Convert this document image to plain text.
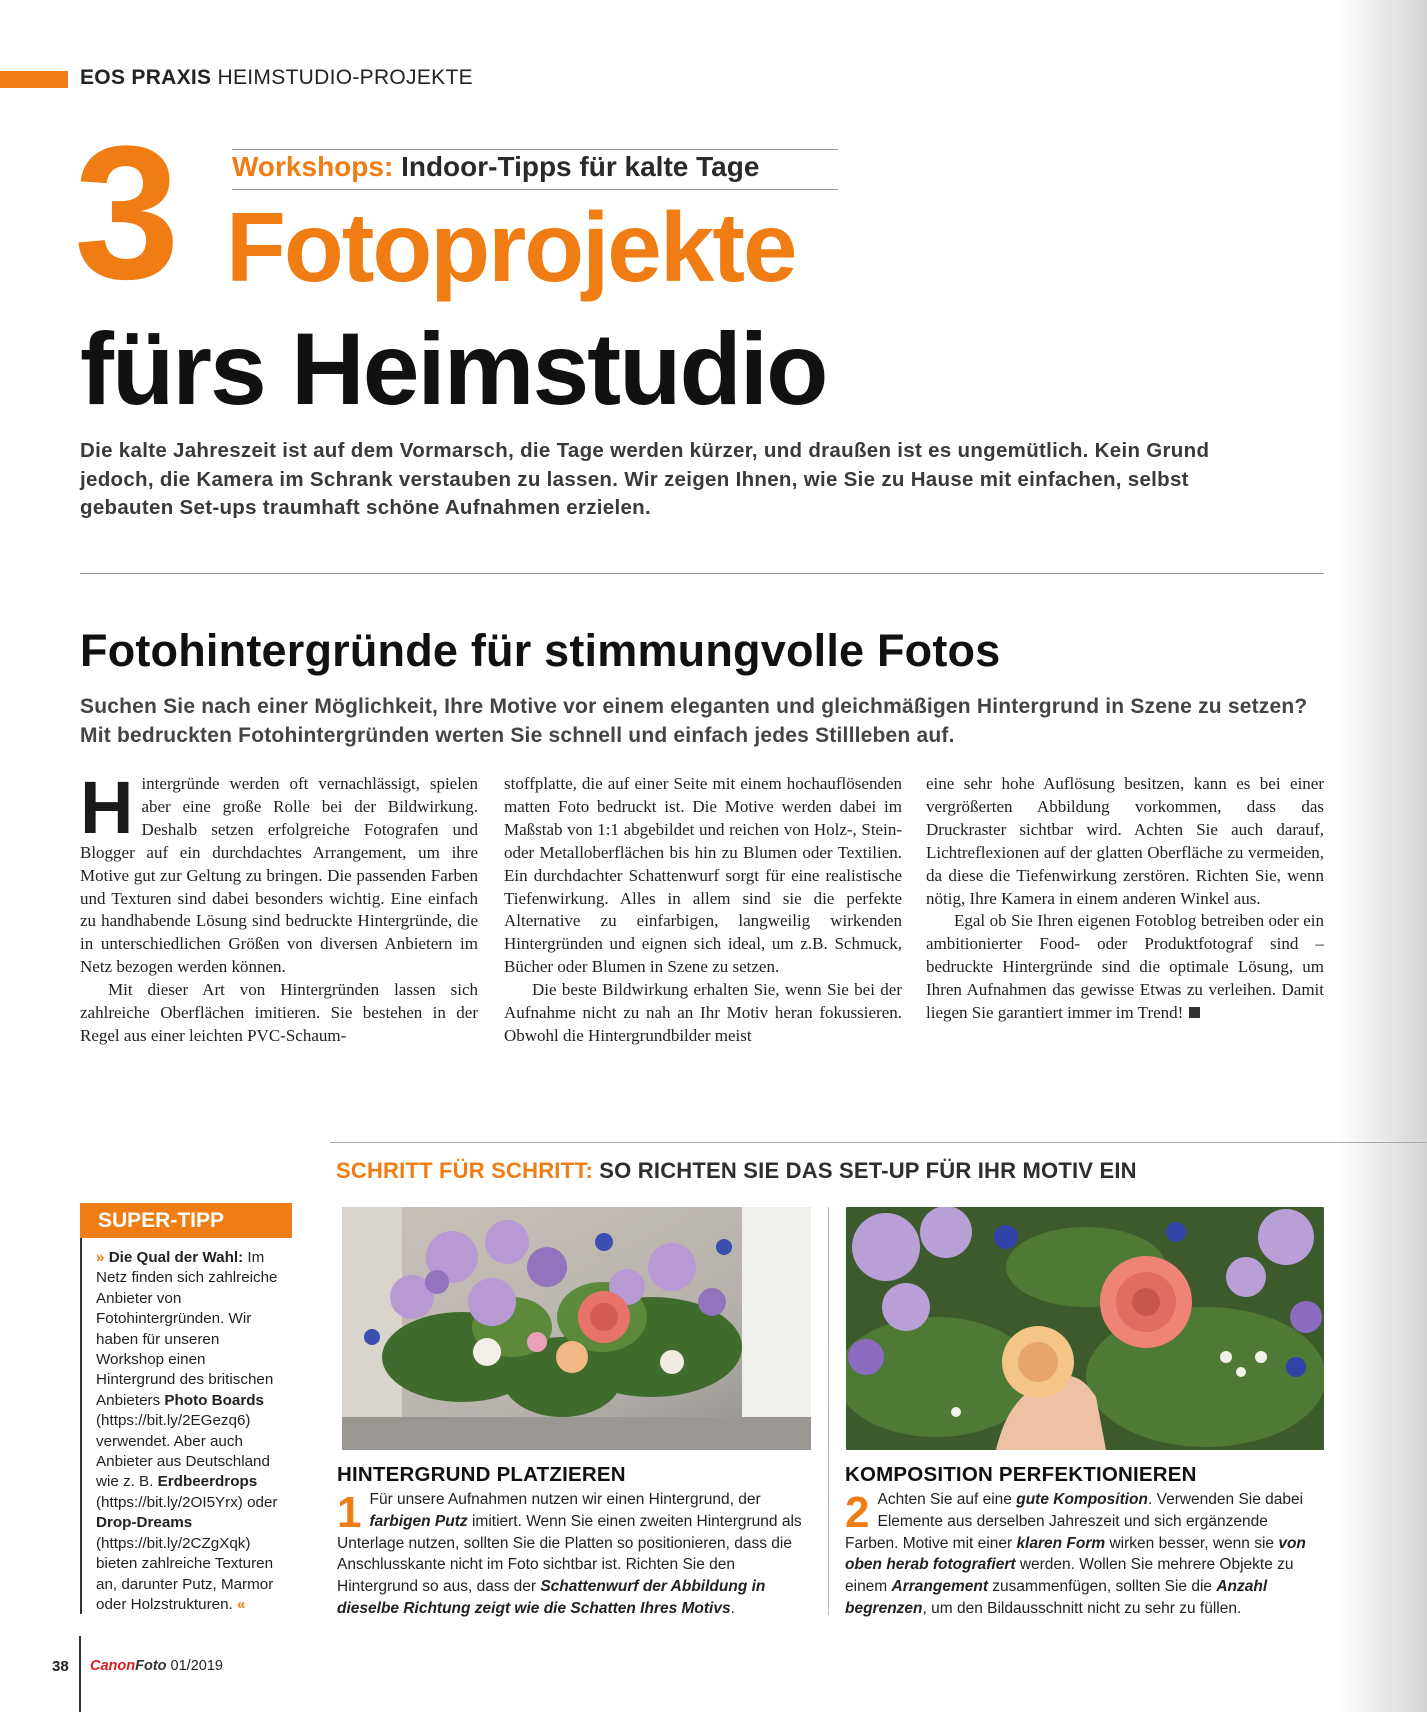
EOS PRAXIS HEIMSTUDIO-PROJEKTE
3 Workshops: Indoor-Tipps für kalte Tage
Fotoprojekte
fürs Heimstudio
Die kalte Jahreszeit ist auf dem Vormarsch, die Tage werden kürzer, und draußen ist es ungemütlich. Kein Grund jedoch, die Kamera im Schrank verstauben zu lassen. Wir zeigen Ihnen, wie Sie zu Hause mit einfachen, selbst gebauten Set-ups traumhaft schöne Aufnahmen erzielen.
Fotohintergründe für stimmungvolle Fotos
Suchen Sie nach einer Möglichkeit, Ihre Motive vor einem eleganten und gleichmäßigen Hintergrund in Szene zu setzen? Mit bedruckten Fotohintergründen werten Sie schnell und einfach jedes Stillleben auf.

Hintergründe werden oft vernachlässigt, spielen aber eine große Rolle bei der Bildwirkung. Deshalb setzen erfolgreiche Fotografen und Blogger auf ein durchdachtes Arrangement, um ihre Motive gut zur Geltung zu bringen. Die passenden Farben und Texturen sind dabei besonders wichtig. Eine einfach zu handhabende Lösung sind bedruckte Hintergründe, die in unterschiedlichen Größen von diversen Anbietern im Netz bezogen werden können.

Mit dieser Art von Hintergründen lassen sich zahlreiche Oberflächen imitieren. Sie bestehen in der Regel aus einer leichten PVC-Schaum-

stoffplatte, die auf einer Seite mit einem hochauflösenden matten Foto bedruckt ist. Die Motive werden dabei im Maßstab von 1:1 abgebildet und reichen von Holz-, Stein- oder Metalloberflächen bis hin zu Blumen oder Textilien. Ein durchdachter Schattenwurf sorgt für eine realistische Tiefenwirkung. Alles in allem sind sie die perfekte Alternative zu einfarbigen, langweilig wirkenden Hintergründen und eignen sich ideal, um z.B. Schmuck, Bücher oder Blumen in Szene zu setzen.

Die beste Bildwirkung erhalten Sie, wenn Sie bei der Aufnahme nicht zu nah an Ihr Motiv heran fokussieren. Obwohl die Hintergrundbilder meist

eine sehr hohe Auflösung besitzen, kann es bei einer vergrößerten Abbildung vorkommen, dass das Druckraster sichtbar wird. Achten Sie auch darauf, Lichtreflexionen auf der glatten Oberfläche zu vermeiden, da diese die Tiefenwirkung zerstören. Richten Sie, wenn nötig, Ihre Kamera in einem anderen Winkel aus.

Egal ob Sie Ihren eigenen Fotoblog betreiben oder ein ambitionierter Food- oder Produktfotograf sind – bedruckte Hintergründe sind die optimale Lösung, um Ihren Aufnahmen das gewisse Etwas zu verleihen. Damit liegen Sie garantiert immer im Trend!

SCHRITT FÜR SCHRITT: SO RICHTEN SIE DAS SET-UP FÜR IHR MOTIV EIN
SUPER-TIPP
» Die Qual der Wahl: Im Netz finden sich zahlreiche Anbieter von Fotohintergründen. Wir haben für unseren Workshop einen Hintergrund des britischen Anbieters Photo Boards (https://bit.ly/2EGezq6) verwendet. Aber auch Anbieter aus Deutschland wie z. B. Erdbeerdrops (https://bit.ly/2OI5Yrx) oder Drop-Dreams (https://bit.ly/2CZgXqk) bieten zahlreiche Texturen an, darunter Putz, Marmor oder Holzstrukturen. «
HINTERGRUND PLATZIEREN
1 Für unsere Aufnahmen nutzen wir einen Hintergrund, der farbigen Putz imitiert. Wenn Sie einen zweiten Hintergrund als Unterlage nutzen, sollten Sie die Platten so positionieren, dass die Anschlusskante nicht im Foto sichtbar ist. Richten Sie den Hintergrund so aus, dass der Schattenwurf der Abbildung in dieselbe Richtung zeigt wie die Schatten Ihres Motivs.
KOMPOSITION PERFEKTIONIEREN
2 Achten Sie auf eine gute Komposition. Verwenden Sie dabei Elemente aus derselben Jahreszeit und sich ergänzende Farben. Motive mit einer klaren Form wirken besser, wenn sie von oben herab fotografiert werden. Wollen Sie mehrere Objekte zu einem Arrangement zusammenfügen, sollten Sie die Anzahl begrenzen, um den Bildausschnitt nicht zu sehr zu füllen.
38 CanonFoto 01/2019
